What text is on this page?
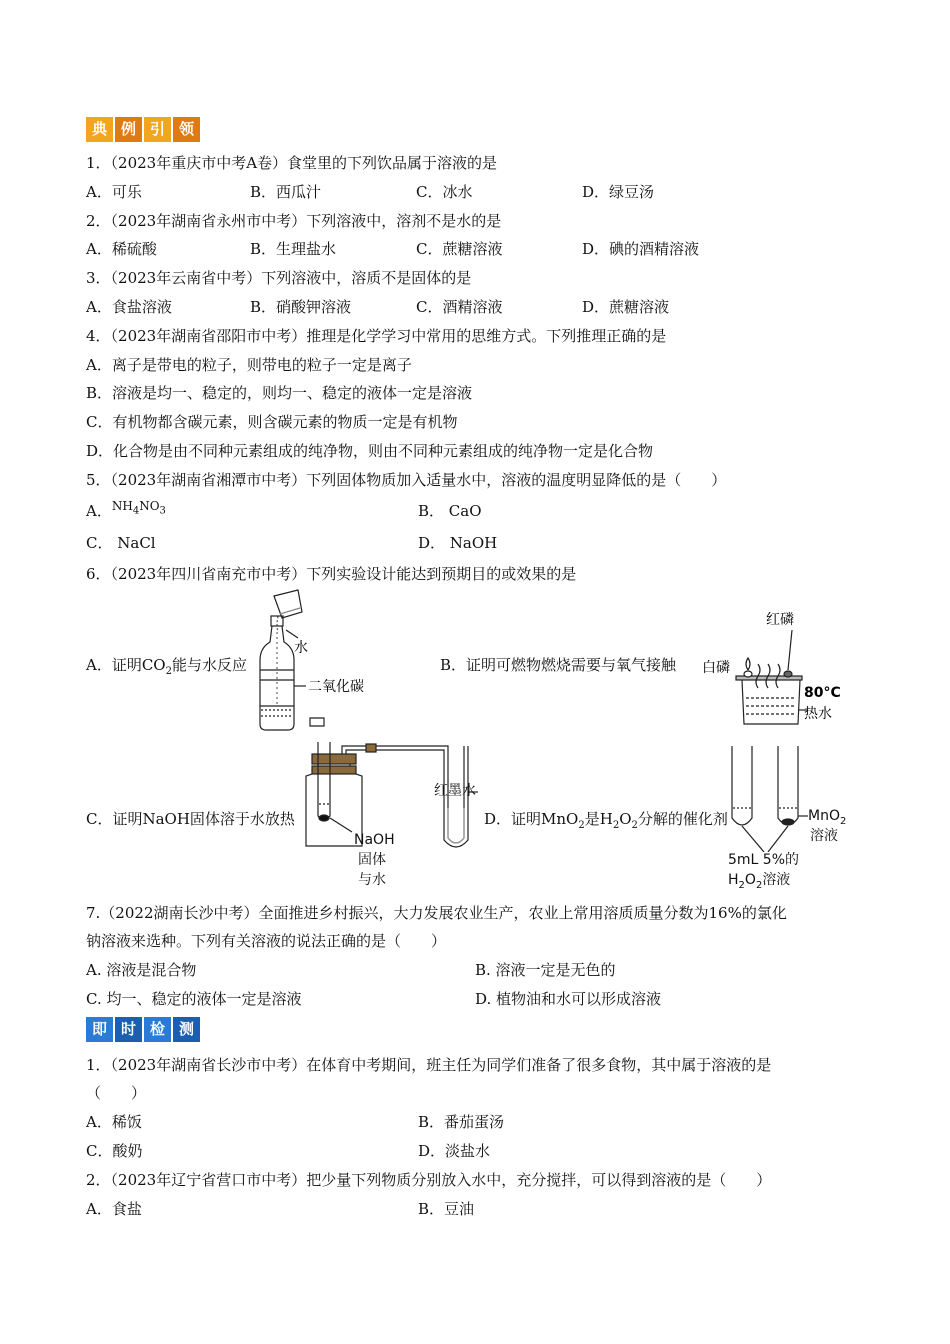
典 例 引 领
1．（2023年重庆市中考A卷）食堂里的下列饮品属于溶液的是
A．可乐	B．西瓜汁	C．冰水	D．绿豆汤
2．（2023年湖南省永州市中考）下列溶液中，溶剂不是水的是
A．稀硫酸	B．生理盐水	C．蔗糖溶液	D．碘的酒精溶液
3．（2023年云南省中考）下列溶液中，溶质不是固体的是
A．食盐溶液	B．硝酸钾溶液	C．酒精溶液	D．蔗糖溶液
4．（2023年湖南省邵阳市中考）推理是化学学习中常用的思维方式。下列推理正确的是
A．离子是带电的粒子，则带电的粒子一定是离子
B．溶液是均一、稳定的，则均一、稳定的液体一定是溶液
C．有机物都含碳元素，则含碳元素的物质一定是有机物
D．化合物是由不同种元素组成的纯净物，则由不同种元素组成的纯净物一定是化合物
5．（2023年湖南省湘潭市中考）下列固体物质加入适量水中，溶液的温度明显降低的是（　　）
A．$^{NH_4NO_3}$	B． CaO
C． NaCl	D． NaOH
6．（2023年四川省南充市中考）下列实验设计能达到预期目的或效果的是
A．证明$CO_2$能与水反应	B．证明可燃物燃烧需要与氧气接触
C．证明NaOH固体溶于水放热	D．证明MnO$_2$是$H_2O_2$分解的催化剂
水
二氧化碳
白磷
红磷
80°C
热水
红墨水
NaOH
固体
与水
MnO$_2$
溶液
5mL 5%的
$H_2O_2$溶液
7.（2022湖南长沙中考）全面推进乡村振兴，大力发展农业生产，农业上常用溶质质量分数为16%的氯化
钠溶液来选种。下列有关溶液的说法正确的是（　　）
A. 溶液是混合物	B. 溶液一定是无色的
C. 均一、稳定的液体一定是溶液	D. 植物油和水可以形成溶液
即 时 检 测
1．（2023年湖南省长沙市中考）在体育中考期间，班主任为同学们准备了很多食物，其中属于溶液的是
（　　）
A．稀饭	B．番茄蛋汤
C．酸奶	D．淡盐水
2．（2023年辽宁省营口市中考）把少量下列物质分别放入水中，充分搅拌，可以得到溶液的是（　　）
A．食盐	B．豆油
